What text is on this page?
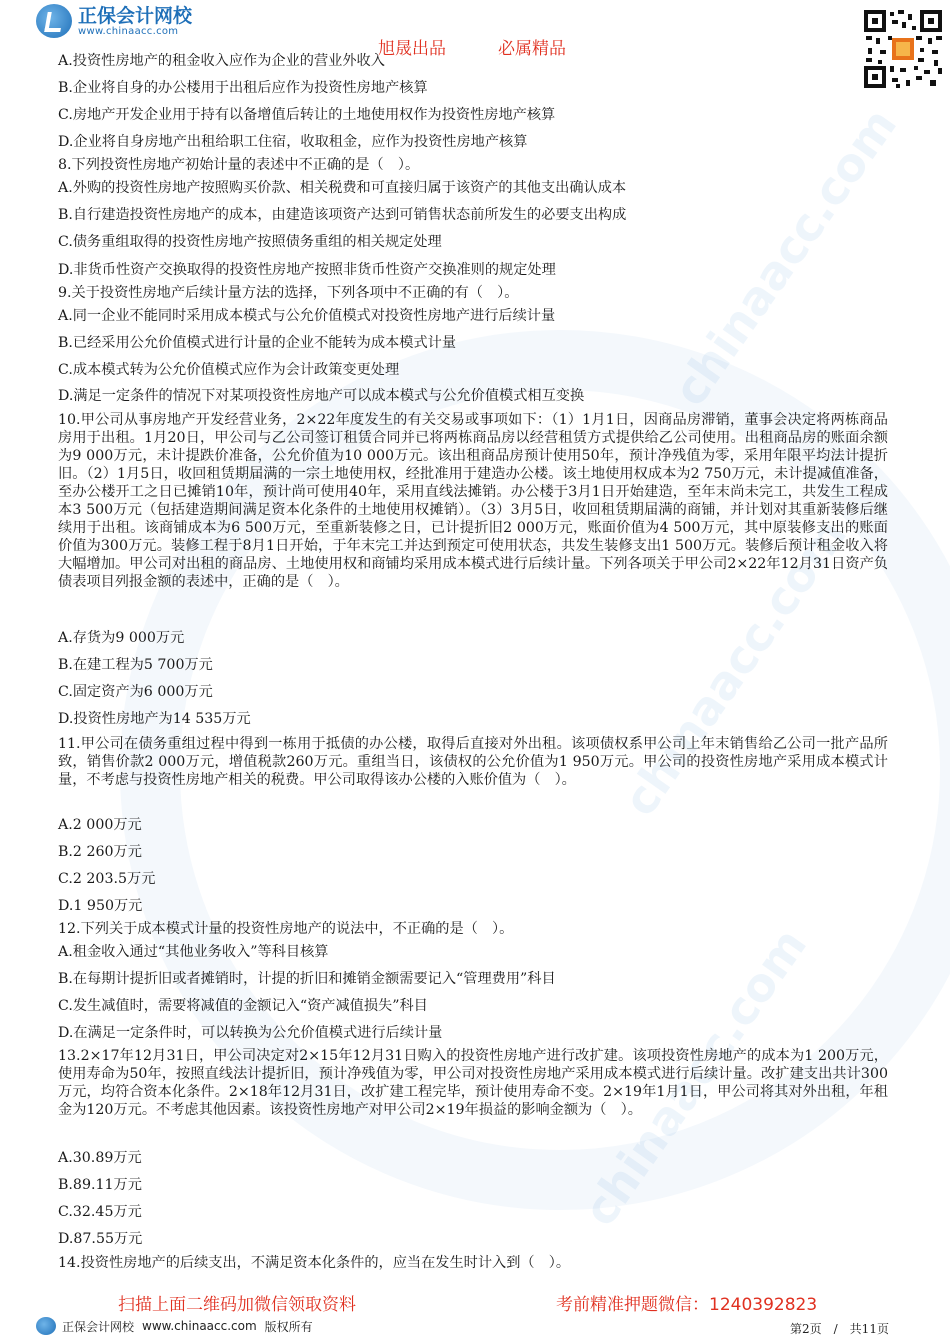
chinaacc.com
chinaacc.com
chinaacc.com
正保会计网校
www.chinaacc.com
旭晟出品	必属精品
A.投资性房地产的租金收入应作为企业的营业外收入
B.企业将自身的办公楼用于出租后应作为投资性房地产核算
C.房地产开发企业用于持有以备增值后转让的土地使用权作为投资性房地产核算
D.企业将自身房地产出租给职工住宿，收取租金，应作为投资性房地产核算
8.下列投资性房地产初始计量的表述中不正确的是（　）。
A.外购的投资性房地产按照购买价款、相关税费和可直接归属于该资产的其他支出确认成本
B.自行建造投资性房地产的成本，由建造该项资产达到可销售状态前所发生的必要支出构成
C.债务重组取得的投资性房地产按照债务重组的相关规定处理
D.非货币性资产交换取得的投资性房地产按照非货币性资产交换准则的规定处理
9.关于投资性房地产后续计量方法的选择，下列各项中不正确的有（　）。
A.同一企业不能同时采用成本模式与公允价值模式对投资性房地产进行后续计量
B.已经采用公允价值模式进行计量的企业不能转为成本模式计量
C.成本模式转为公允价值模式应作为会计政策变更处理
D.满足一定条件的情况下对某项投资性房地产可以成本模式与公允价值模式相互变换
10.甲公司从事房地产开发经营业务，2×22年度发生的有关交易或事项如下：（1）1月1日，因商品房滞销，董事会决定将两栋商品房用于出租。1月20日，甲公司与乙公司签订租赁合同并已将两栋商品房以经营租赁方式提供给乙公司使用。出租商品房的账面余额为9 000万元，未计提跌价准备，公允价值为10 000万元。该出租商品房预计使用50年，预计净残值为零，采用年限平均法计提折旧。（2）1月5日，收回租赁期届满的一宗土地使用权，经批准用于建造办公楼。该土地使用权成本为2 750万元，未计提减值准备，至办公楼开工之日已摊销10年，预计尚可使用40年，采用直线法摊销。办公楼于3月1日开始建造，至年末尚未完工，共发生工程成本3 500万元（包括建造期间满足资本化条件的土地使用权摊销）。（3）3月5日，收回租赁期届满的商铺，并计划对其重新装修后继续用于出租。该商铺成本为6 500万元，至重新装修之日，已计提折旧2 000万元，账面价值为4 500万元，其中原装修支出的账面价值为300万元。装修工程于8月1日开始，于年末完工并达到预定可使用状态，共发生装修支出1 500万元。装修后预计租金收入将大幅增加。甲公司对出租的商品房、土地使用权和商铺均采用成本模式进行后续计量。下列各项关于甲公司2×22年12月31日资产负债表项目列报金额的表述中，正确的是（　）。
A.存货为9 000万元
B.在建工程为5 700万元
C.固定资产为6 000万元
D.投资性房地产为14 535万元
11.甲公司在债务重组过程中得到一栋用于抵债的办公楼，取得后直接对外出租。该项债权系甲公司上年末销售给乙公司一批产品所致，销售价款2 000万元，增值税款260万元。重组当日，该债权的公允价值为1 950万元。甲公司的投资性房地产采用成本模式计量，不考虑与投资性房地产相关的税费。甲公司取得该办公楼的入账价值为（　）。
A.2 000万元
B.2 260万元
C.2 203.5万元
D.1 950万元
12.下列关于成本模式计量的投资性房地产的说法中，不正确的是（　）。
A.租金收入通过“其他业务收入”等科目核算
B.在每期计提折旧或者摊销时，计提的折旧和摊销金额需要记入“管理费用”科目
C.发生减值时，需要将减值的金额记入“资产减值损失”科目
D.在满足一定条件时，可以转换为公允价值模式进行后续计量
13.2×17年12月31日，甲公司决定对2×15年12月31日购入的投资性房地产进行改扩建。该项投资性房地产的成本为1 200万元，使用寿命为50年，按照直线法计提折旧，预计净残值为零，甲公司对投资性房地产采用成本模式进行后续计量。改扩建支出共计300万元，均符合资本化条件。2×18年12月31日，改扩建工程完毕，预计使用寿命不变。2×19年1月1日，甲公司将其对外出租，年租金为120万元。不考虑其他因素。该投资性房地产对甲公司2×19年损益的影响金额为（　）。
A.30.89万元
B.89.11万元
C.32.45万元
D.87.55万元
14.投资性房地产的后续支出，不满足资本化条件的，应当在发生时计入到（　）。
扫描上面二维码加微信领取资料	考前精准押题微信：1240392823
正保会计网校 www.chinaacc.com 版权所有	第2页　/　共11页
